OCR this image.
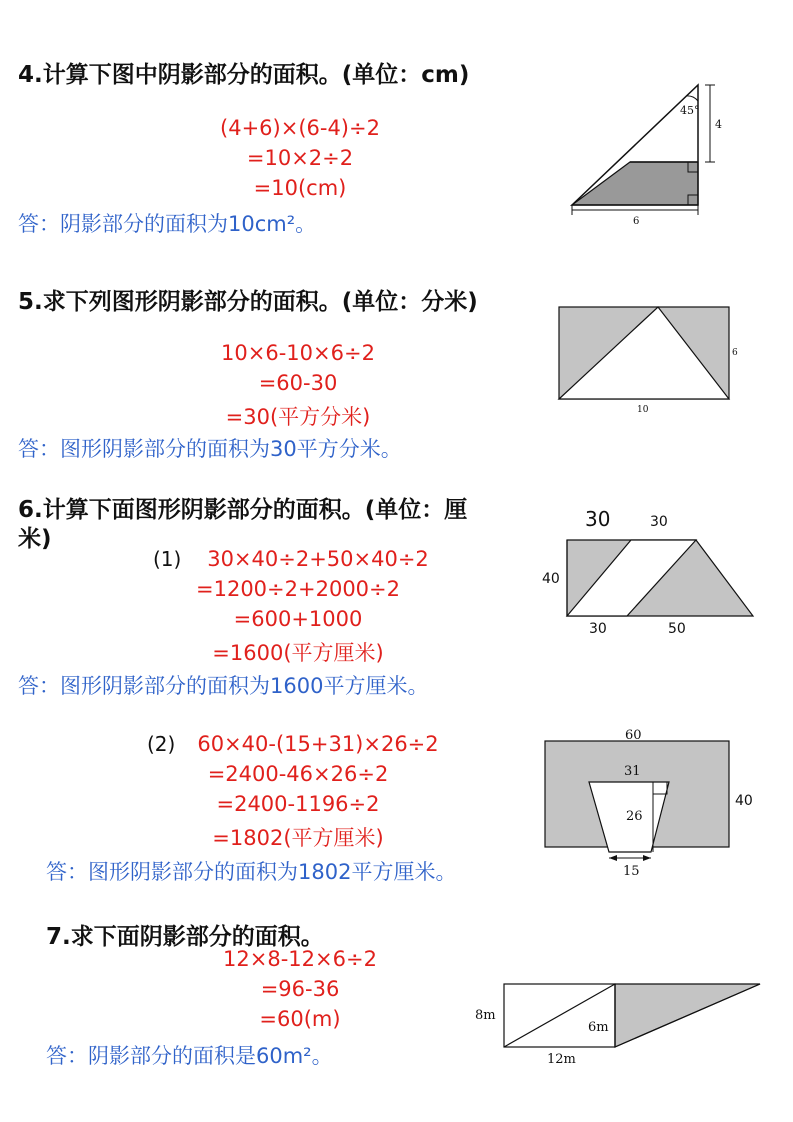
4.计算下图中阴影部分的面积。(单位：cm)
(4+6)×(6-4)÷2
=10×2÷2
=10(cm)
答：阴影部分的面积为10cm²。
45°
4
6
5.求下列图形阴影部分的面积。(单位：分米)
10×6-10×6÷2
=60-30
=30(平方分米)
答：图形阴影部分的面积为30平方分米。
6
10
6.计算下面图形阴影部分的面积。(单位：厘
米)
(1)	30×40÷2+50×40÷2
=1200÷2+2000÷2
=600+1000
=1600(平方厘米)
答：图形阴影部分的面积为1600平方厘米。
30	30
40
30	50
(2)	60×40-(15+31)×26÷2
=2400-46×26÷2
=2400-1196÷2
=1802(平方厘米)
答：图形阴影部分的面积为1802平方厘米。
60
31
26
40
15
7.求下面阴影部分的面积。
12×8-12×6÷2
=96-36
=60(m)
答：阴影部分的面积是60m²。
8m
6m
12m
